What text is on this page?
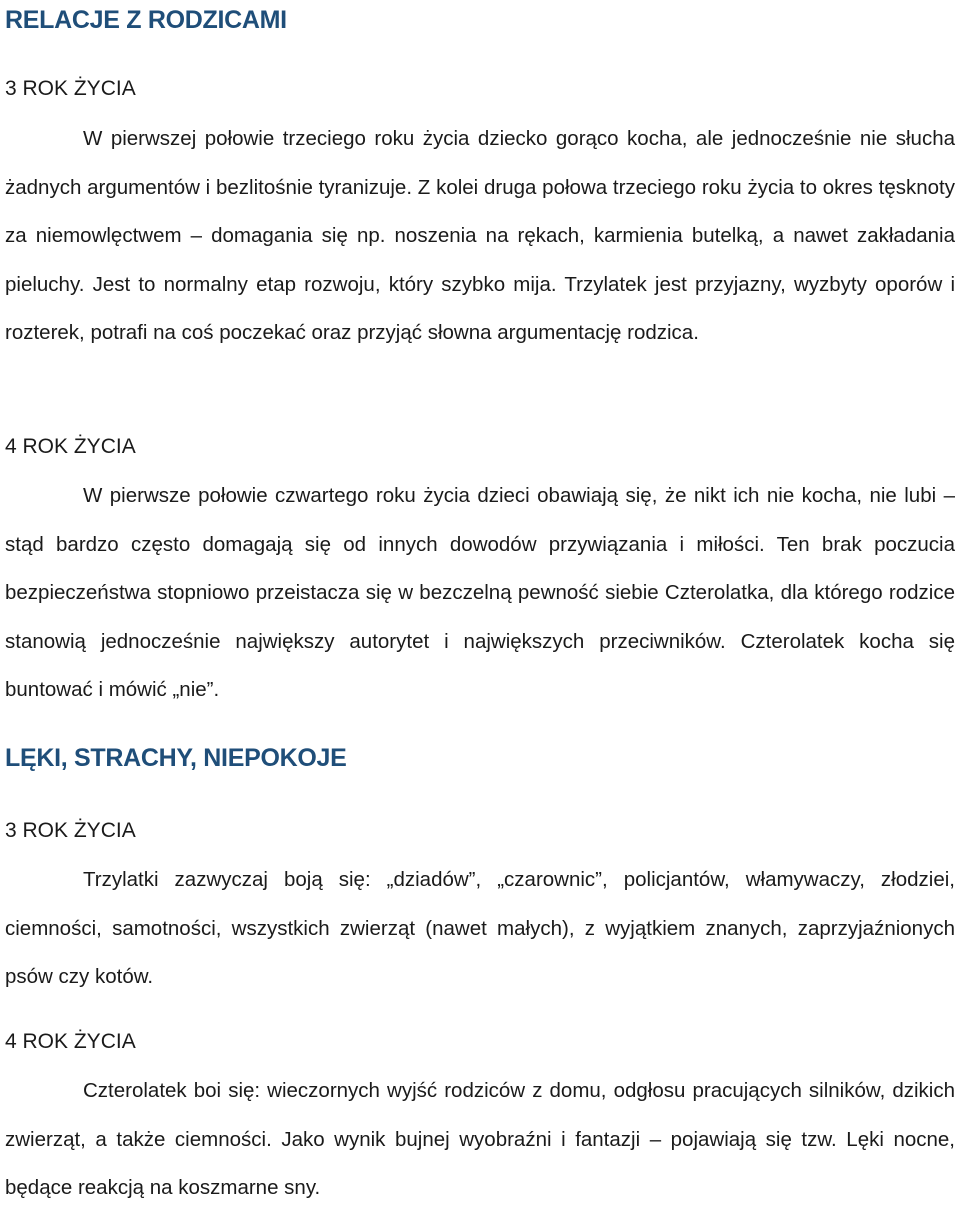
RELACJE Z RODZICAMI
3 ROK ŻYCIA

W pierwszej połowie trzeciego roku życia dziecko gorąco kocha, ale jednocześnie nie słucha żadnych argumentów i bezlitośnie tyranizuje. Z kolei druga połowa trzeciego roku życia to okres tęsknoty za niemowlęctwem – domagania się np. noszenia na rękach, karmienia butelką, a nawet zakładania pieluchy. Jest to normalny etap rozwoju, który szybko mija. Trzylatek jest przyjazny, wyzbyty oporów i rozterek, potrafi na coś poczekać oraz przyjąć słowna argumentację rodzica.

4 ROK ŻYCIA

W pierwsze połowie czwartego roku życia dzieci obawiają się, że nikt ich nie kocha, nie lubi – stąd bardzo często domagają się od innych dowodów przywiązania i miłości. Ten brak poczucia bezpieczeństwa stopniowo przeistacza się w bezczelną pewność siebie Czterolatka, dla którego rodzice stanowią jednocześnie największy autorytet i największych przeciwników. Czterolatek kocha się buntować i mówić „nie”.

LĘKI, STRACHY, NIEPOKOJE
3 ROK ŻYCIA

Trzylatki zazwyczaj boją się: „dziadów”, „czarownic”, policjantów, włamywaczy, złodziei, ciemności, samotności, wszystkich zwierząt (nawet małych), z wyjątkiem znanych, zaprzyjaźnionych psów czy kotów.

4 ROK ŻYCIA

Czterolatek boi się: wieczornych wyjść rodziców z domu, odgłosu pracujących silników, dzikich zwierząt, a także ciemności. Jako wynik bujnej wyobraźni i fantazji – pojawiają się tzw. Lęki nocne, będące reakcją na koszmarne sny.
